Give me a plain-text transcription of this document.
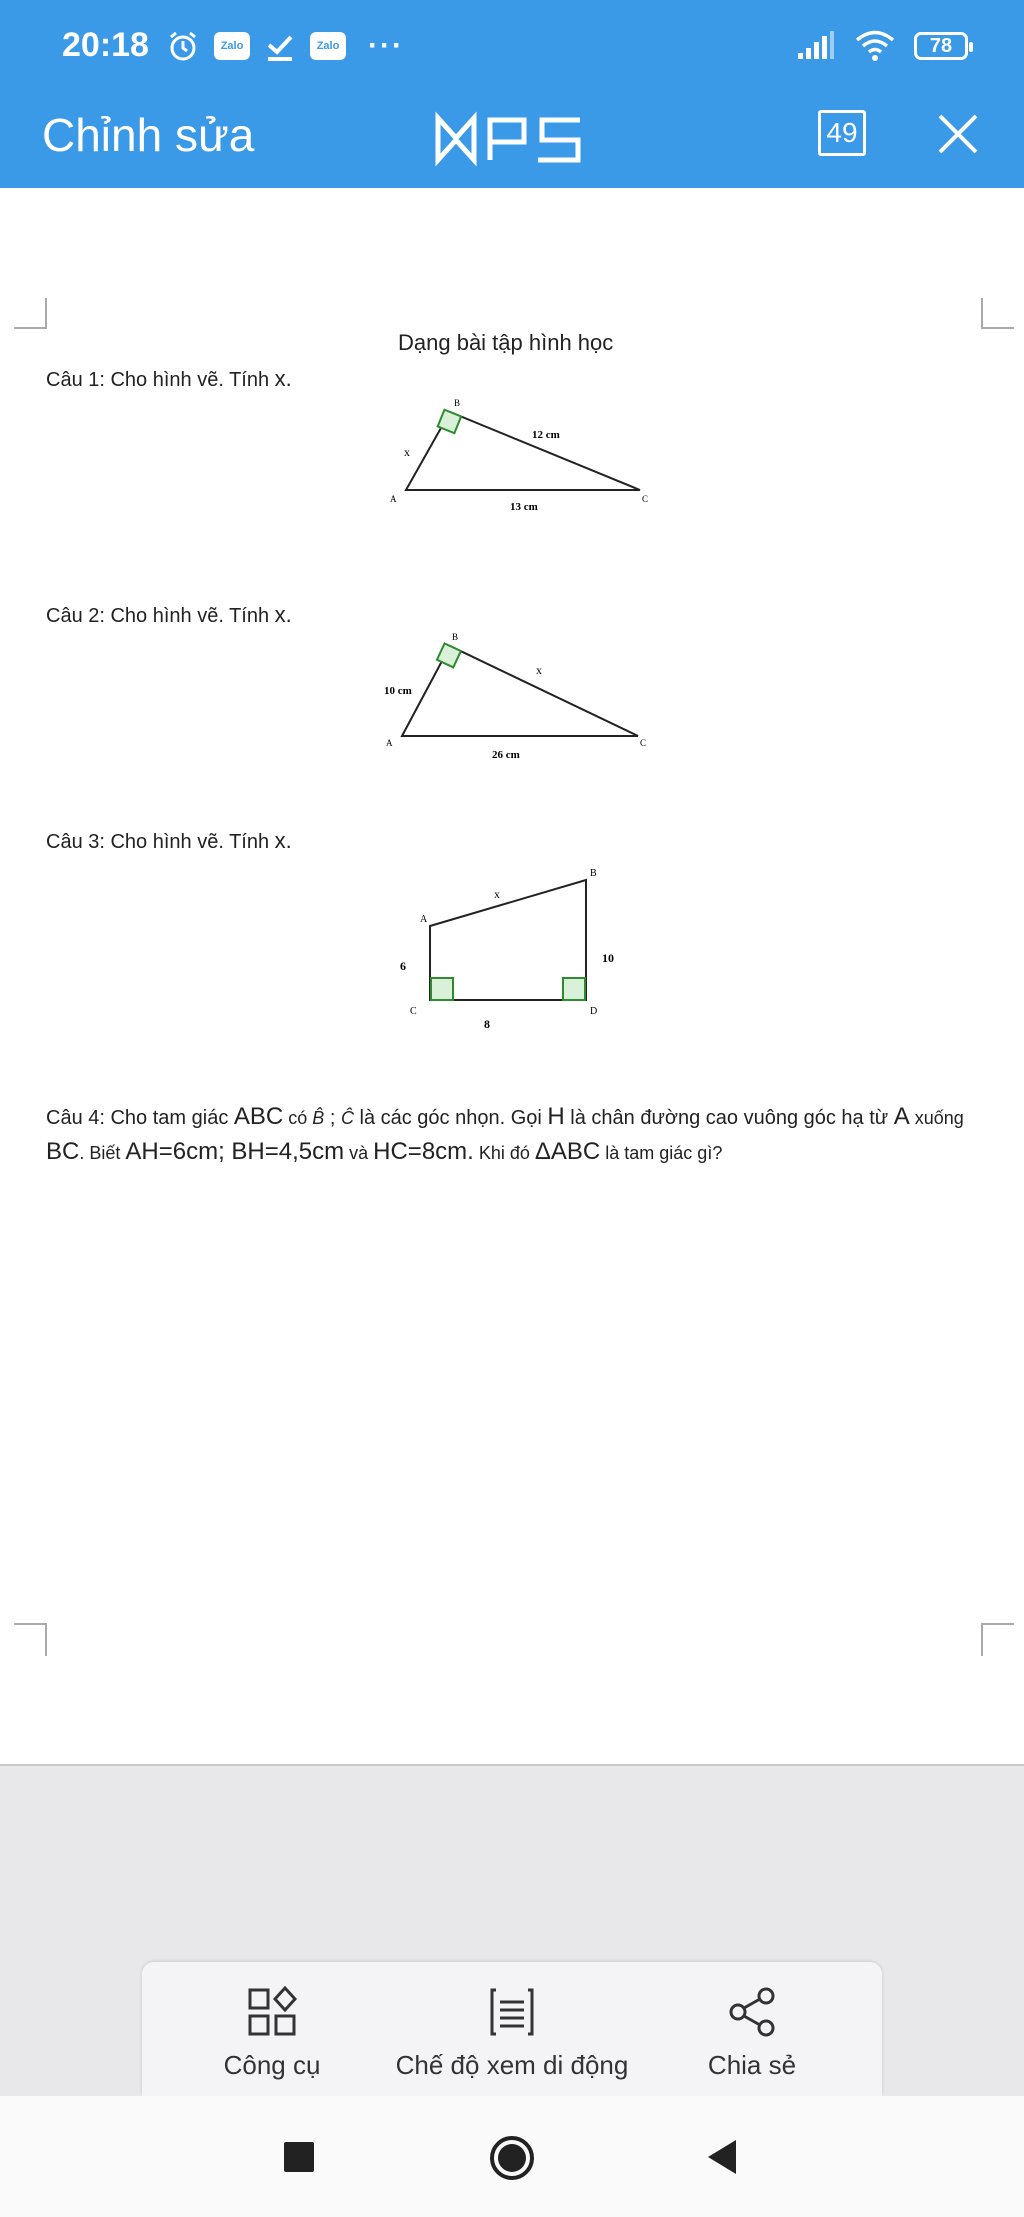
20:18	Zalo	Zalo ···	78
Chỉnh sửa
WPS
49
Dạng bài tập hình học
Câu 1: Cho hình vẽ. Tính x.
B
A	C
x
12 cm
13 cm
Câu 2: Cho hình vẽ. Tính x.
B
A	C
x
10 cm
26 cm
Câu 3: Cho hình vẽ. Tính x.
A
B
C	D
x
6
10
8
Câu 4: Cho tam giác ABC có B̂ ; Ĉ là các góc nhọn. Gọi H là chân đường cao vuông góc hạ từ A xuống BC. Biết AH=6cm; BH=4,5cm và HC=8cm. Khi đó ΔABC là tam giác gì?
Công cụ	Chế độ xem di động	Chia sẻ
